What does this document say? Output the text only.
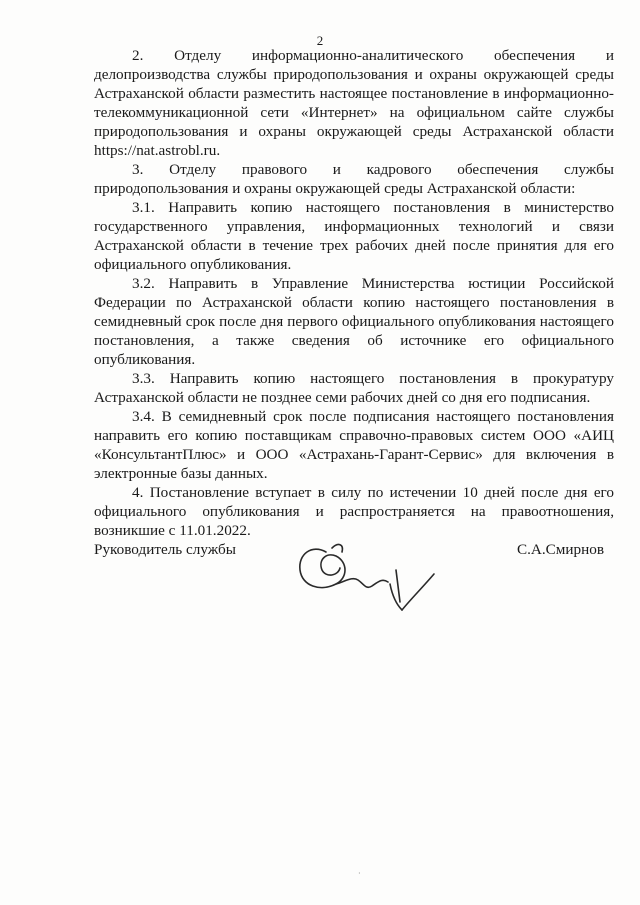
2

2. Отделу информационно-аналитического обеспечения и делопроизводства службы природопользования и охраны окружающей среды Астраханской области разместить настоящее постановление в информационно-телекоммуникационной сети «Интернет» на официальном сайте службы природопользования и охраны окружающей среды Астраханской области https://nat.astrobl.ru.

3. Отделу правового и кадрового обеспечения службы природопользования и охраны окружающей среды Астраханской области:

3.1. Направить копию настоящего постановления в министерство государственного управления, информационных технологий и связи Астраханской области в течение трех рабочих дней после принятия для его официального опубликования.

3.2. Направить в Управление Министерства юстиции Российской Федерации по Астраханской области копию настоящего постановления в семидневный срок после дня первого официального опубликования настоящего постановления, а также сведения об источнике его официального опубликования.

3.3. Направить копию настоящего постановления в прокуратуру Астраханской области не позднее семи рабочих дней со дня его подписания.

3.4. В семидневный срок после подписания настоящего постановления направить его копию поставщикам справочно-правовых систем ООО «АИЦ «КонсультантПлюс» и ООО «Астрахань-Гарант-Сервис» для включения в электронные базы данных.

4. Постановление вступает в силу по истечении 10 дней после дня его официального опубликования и распространяется на правоотношения, возникшие с 11.01.2022.

Руководитель службы	С.А.Смирнов
·
